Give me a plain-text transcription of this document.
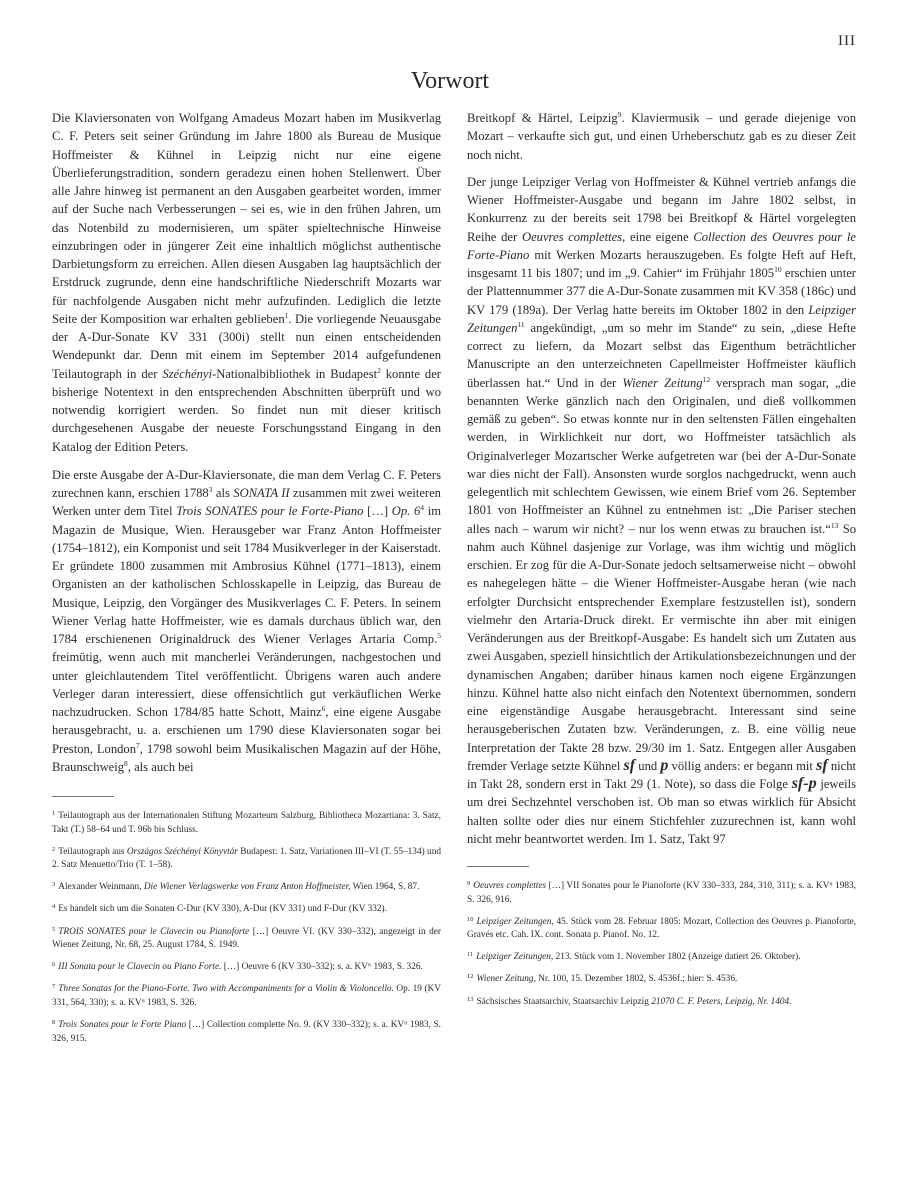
III
Vorwort

Die Klaviersonaten von Wolfgang Amadeus Mozart haben im Musikverlag C. F. Peters seit seiner Gründung im Jahre 1800 als Bureau de Musique Hoffmeister & Kühnel in Leipzig nicht nur eine eigene Überlieferungstradition, sondern geradezu einen hohen Stellenwert. Über alle Jahre hinweg ist permanent an den Ausgaben gearbeitet worden, immer auf der Suche nach Verbesserungen – sei es, wie in den frühen Jahren, um das Notenbild zu modernisieren, um später spieltechnische Hinweise einzubringen oder in jüngerer Zeit eine inhaltlich möglichst authentische Darbietungsform zu erreichen. Allen diesen Ausgaben lag hauptsächlich der Erstdruck zugrunde, denn eine handschriftliche Niederschrift Mozarts war für nachfolgende Ausgaben nicht mehr aufzufinden. Lediglich die letzte Seite der Komposition war erhalten geblieben$^1$. Die vorliegende Neuausgabe der A-Dur-Sonate KV 331 (300i) stellt nun einen entscheidenden Wendepunkt dar. Denn mit einem im September 2014 aufgefundenen Teilautograph in der Széchényi-Nationalbibliothek in Budapest$^2$ konnte der bisherige Notentext in den entsprechenden Abschnitten überprüft und wo notwendig korrigiert werden. So findet nun mit dieser kritisch durchgesehenen Ausgabe der neueste Forschungsstand Eingang in den Katalog der Edition Peters.

Die erste Ausgabe der A-Dur-Klaviersonate, die man dem Verlag C. F. Peters zurechnen kann, erschien 1788$^3$ als SONATA II zusammen mit zwei weiteren Werken unter dem Titel Trois SONATES pour le Forte-Piano […] Op. $6^4$ im Magazin de Musique, Wien. Herausgeber war Franz Anton Hoffmeister (1754–1812), ein Komponist und seit 1784 Musikverleger in der Kaiserstadt. Er gründete 1800 zusammen mit Ambrosius Kühnel (1771–1813), einem Organisten an der katholischen Schlosskapelle in Leipzig, das Bureau de Musique, Leipzig, den Vorgänger des Musikverlages C. F. Peters. In seinem Wiener Verlag hatte Hoffmeister, wie es damals durchaus üblich war, den 1784 erschienenen Originaldruck des Wiener Verlages Artaria Comp.$^5$ freimütig, wenn auch mit mancherlei Veränderungen, nachgestochen und unter gleichlautendem Titel veröffentlicht. Übrigens waren auch andere Verleger daran interessiert, diese offensichtlich gut verkäuflichen Werke nachzudrucken. Schon 1784/85 hatte Schott, Mainz$^6$, eine eigene Ausgabe herausgebracht, u. a. erschienen um 1790 diese Klaviersonaten sogar bei Preston, London$^7$, 1798 sowohl beim Musikalischen Magazin auf der Höhe, Braunschweig$^8$, als auch bei

$^1$ Teilautograph aus der Internationalen Stiftung Mozarteum Salzburg, Bibliotheca Mozartiana: 3. Satz, Takt (T.) 58–64 und T. 96b bis Schluss.
$^2$ Teilautograph aus Országos Széchényi Könyvtár Budapest: 1. Satz, Variationen III–VI (T. 55–134) und 2. Satz Menuetto/Trio (T. 1–58).
$^3$ Alexander Weinmann, Die Wiener Verlagswerke von Franz Anton Hoffmeister, Wien 1964, S. 87.
$^4$ Es handelt sich um die Sonaten C-Dur (KV 330), A-Dur (KV 331) und F-Dur (KV 332).
$^5$ TROIS SONATES pour le Clavecin ou Pianoforte […] Oeuvre VI. (KV 330–332), angezeigt in der Wiener Zeitung, Nr. 68, 25. August 1784, S. 1949.
$^6$ III Sonata pour le Clavecin ou Piano Forte. […] Oeuvre 6 (KV 330–332); s. a. KV⁶ 1983, S. 326.
$^7$ Three Sonatas for the Piano-Forte. Two with Accompaniments for a Violin & Violoncello. Op. 19 (KV 331, 564, 330); s. a. KV⁶ 1983, S. 326.
$^8$ Trois Sonates pour le Forte Piano […] Collection complette No. 9. (KV 330–332); s. a. KV⁶ 1983, S. 326, 915.

Breitkopf & Härtel, Leipzig$^9$. Klaviermusik – und gerade diejenige von Mozart – verkaufte sich gut, und einen Urheberschutz gab es zu dieser Zeit noch nicht.

Der junge Leipziger Verlag von Hoffmeister & Kühnel vertrieb anfangs die Wiener Hoffmeister-Ausgabe und begann im Jahre 1802 selbst, in Konkurrenz zu der bereits seit 1798 bei Breitkopf & Härtel vorgelegten Reihe der Oeuvres complettes, eine eigene Collection des Oeuvres pour le Forte-Piano mit Werken Mozarts herauszugeben. Es folgte Heft auf Heft, insgesamt 11 bis 1807; und im „9. Cahier“ im Frühjahr 1805$^{10}$ erschien unter der Plattennummer 377 die A-Dur-Sonate zusammen mit KV 358 (186c) und KV 179 (189a). Der Verlag hatte bereits im Oktober 1802 in den Leipziger Zeitungen$^{11}$ angekündigt, „um so mehr im Stande“ zu sein, „diese Hefte correct zu liefern, da Mozart selbst das Eigenthum beträchtlicher Manuscripte an den unterzeichneten Capellmeister Hoffmeister käuflich überlassen hat.“ Und in der Wiener Zeitung$^{12}$ versprach man sogar, „die benannten Werke gänzlich nach den Originalen, und dieß vollkommen gemäß zu geben“. So etwas konnte nur in den seltensten Fällen eingehalten werden, in Wirklichkeit nur dort, wo Hoffmeister tatsächlich als Originalverleger Mozartscher Werke aufgetreten war (bei der A-Dur-Sonate war dies nicht der Fall). Ansonsten wurde sorglos nachgedruckt, wenn auch gelegentlich mit schlechtem Gewissen, wie einem Brief vom 26. September 1801 von Hoffmeister an Kühnel zu entnehmen ist: „Die Pariser stechen alles nach – warum wir nicht? – nur los wenn etwas zu brauchen ist.“$^{13}$ So nahm auch Kühnel dasjenige zur Vorlage, was ihm wichtig und möglich erschien. Er zog für die A-Dur-Sonate jedoch seltsamerweise nicht – obwohl es nahegelegen hätte – die Wiener Hoffmeister-Ausgabe heran (wie nach erfolgter Durchsicht entsprechender Exemplare festzustellen ist), sondern vielmehr den Artaria-Druck direkt. Er vermischte ihn aber mit einigen Veränderungen aus der Breitkopf-Ausgabe: Es handelt sich um Zutaten aus zwei Ausgaben, speziell hinsichtlich der Artikulationsbezeichnungen und der dynamischen Angaben; darüber hinaus kamen noch eigene Ergänzungen hinzu. Kühnel hatte also nicht einfach den Notentext übernommen, sondern eine eigenständige Ausgabe herausgebracht. Interessant sind seine herausgeberischen Zutaten bzw. Veränderungen, z. B. eine völlig neue Interpretation der Takte 28 bzw. 29/30 im 1. Satz. Entgegen aller Ausgaben fremder Verlage setzte Kühnel sf und p völlig anders: er begann mit sf nicht in Takt 28, sondern erst in Takt 29 (1. Note), so dass die Folge sf-p jeweils um drei Sechzehntel verschoben ist. Ob man so etwas wirklich für Absicht halten sollte oder dies nur einem Stichfehler zuzurechnen ist, kann wohl nicht mehr beantwortet werden. Im 1. Satz, Takt 97

$^9$ Oeuvres complettes […] VII Sonates pour le Pianoforte (KV 330–333, 284, 310, 311); s. a. KV⁶ 1983, S. 326, 916.
$^{10}$ Leipziger Zeitungen, 45. Stück vom 28. Februar 1805: Mozart, Collection des Oeuvres p. Pianoforte, Gravés etc. Cah. IX. cont. Sonata p. Pianof. No. 12.
$^{11}$ Leipziger Zeitungen, 213. Stück vom 1. November 1802 (Anzeige datiert 26. Oktober).
$^{12}$ Wiener Zeitung, Nr. 100, 15. Dezember 1802, S. 4536f.; hier: S. 4536.
$^{13}$ Sächsisches Staatsarchiv, Staatsarchiv Leipzig 21070 C. F. Peters, Leipzig, Nr. 1404.
